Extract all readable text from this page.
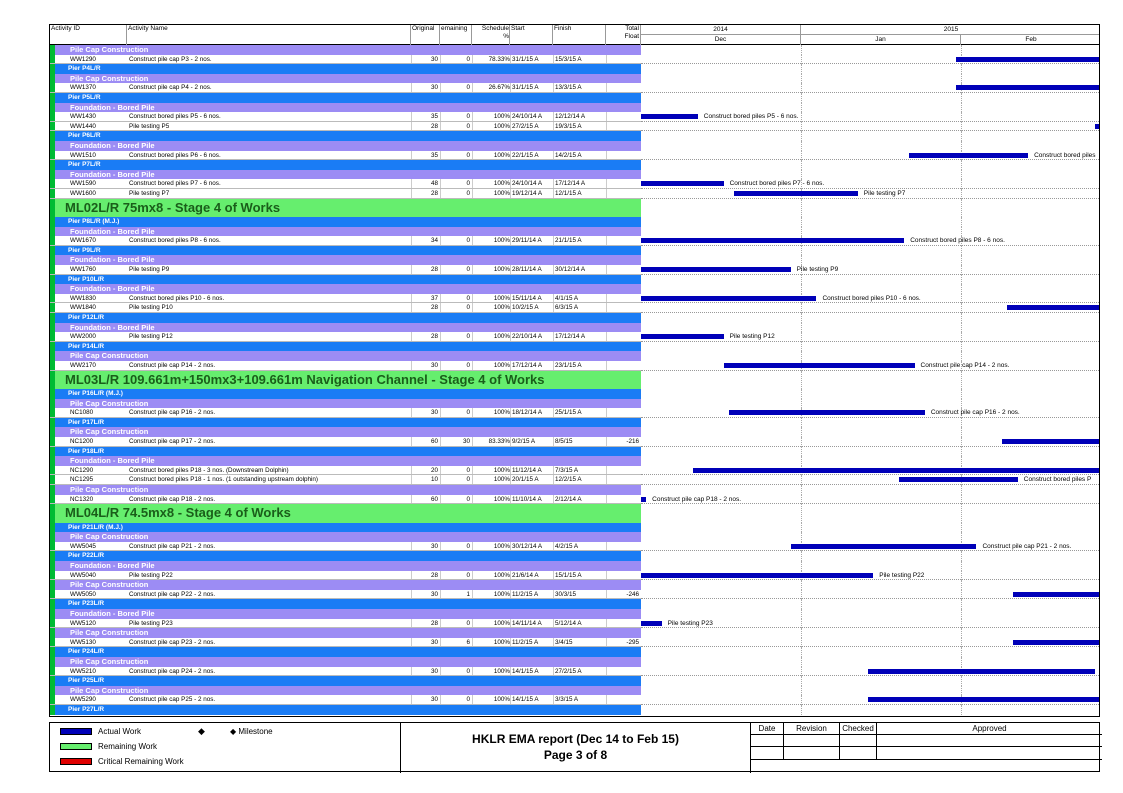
Activity ID	Activity Name	Original	emaining	Schedule
%
Start	Finish	Total
Float
2014	2015
Dec	Jan	Feb
Pile Cap Construction
WW1290	Construct pile cap P3 - 2 nos.	30	0	78.33% 31/1/15 A	15/3/15 A
Pier P4L/R
Pile Cap Construction
WW1370	Construct pile cap P4 - 2 nos.	30	0	26.67% 31/1/15 A	13/3/15 A
Pier P5L/R
Foundation - Bored Pile
WW1430	Construct bored piles P5 - 6 nos.	35	0	100% 24/10/14 A	12/12/14 A	Construct bored piles P5 - 6 nos.
WW1440	Pile testing P5	28	0	100% 27/2/15 A	19/3/15 A
Pier P6L/R
Foundation - Bored Pile
WW1510	Construct bored piles P6 - 6 nos.	35	0	100% 22/1/15 A	14/2/15 A	Construct bored piles
Pier P7L/R
Foundation - Bored Pile
WW1590	Construct bored piles P7 - 6 nos.	48	0	100% 24/10/14 A	17/12/14 A	Construct bored piles P7 - 6 nos.
WW1600	Pile testing P7	28	0	100% 19/12/14 A	12/1/15 A	Pile testing P7
ML02L/R 75mx8 - Stage 4 of Works
Pier P8L/R (M.J.)
Foundation - Bored Pile
WW1670	Construct bored piles P8 - 6 nos.	34	0	100% 29/11/14 A	21/1/15 A	Construct bored piles P8 - 6 nos.
Pier P9L/R
Foundation - Bored Pile
WW1760	Pile testing P9	28	0	100% 28/11/14 A	30/12/14 A	Pile testing P9
Pier P10L/R
Foundation - Bored Pile
WW1830	Construct bored piles P10 - 6 nos.	37	0	100% 15/11/14 A	4/1/15 A	Construct bored piles P10 - 6 nos.
WW1840	Pile testing P10	28	0	100% 10/2/15 A	6/3/15 A
Pier P12L/R
Foundation - Bored Pile
WW2000	Pile testing P12	28	0	100% 22/10/14 A	17/12/14 A	Pile testing P12
Pier P14L/R
Pile Cap Construction
WW2170	Construct pile cap P14 - 2 nos.	30	0	100% 17/12/14 A	23/1/15 A	Construct pile cap P14 - 2 nos.
ML03L/R 109.661m+150mx3+109.661m Navigation Channel - Stage 4 of Works
Pier P16L/R (M.J.)
Pile Cap Construction
NC1080	Construct pile cap P16 - 2 nos.	30	0	100% 18/12/14 A	25/1/15 A	Construct pile cap P16 - 2 nos.
Pier P17L/R
Pile Cap Construction
NC1200	Construct pile cap P17 - 2 nos.	60	30	83.33% 9/2/15 A	8/5/15	-216
Pier P18L/R
Foundation - Bored Pile
NC1290	Construct bored piles P18 - 3 nos. (Downstream Dolphin)	20	0	100% 11/12/14 A	7/3/15 A
NC1295	Construct bored piles P18 - 1 nos. (1 outstanding upstream dolphin)	10	0	100% 20/1/15 A	12/2/15 A	Construct bored piles P
Pile Cap Construction
NC1320	Construct pile cap P18 - 2 nos.	60	0	100% 11/10/14 A	2/12/14 A	Construct pile cap P18 - 2 nos.
ML04L/R 74.5mx8 - Stage 4 of Works
Pier P21L/R (M.J.)
Pile Cap Construction
WW5045	Construct pile cap P21 - 2 nos.	30	0	100% 30/12/14 A	4/2/15 A	Construct pile cap P21 - 2 nos.
Pier P22L/R
Foundation - Bored Pile
WW5040	Pile testing P22	28	0	100% 21/6/14 A	15/1/15 A	Pile testing P22
Pile Cap Construction
WW5050	Construct pile cap P22 - 2 nos.	30	1	100% 11/2/15 A	30/3/15	-246
Pier P23L/R
Foundation - Bored Pile
WW5120	Pile testing P23	28	0	100% 14/11/14 A	5/12/14 A	Pile testing P23
Pile Cap Construction
WW5130	Construct pile cap P23 - 2 nos.	30	6	100% 11/2/15 A	3/4/15	-295
Pier P24L/R
Pile Cap Construction
WW5210	Construct pile cap P24 - 2 nos.	30	0	100% 14/1/15 A	27/2/15 A
Pier P25L/R
Pile Cap Construction
WW5290	Construct pile cap P25 - 2 nos.	30	0	100% 14/1/15 A	3/3/15 A
Pier P27L/R
Actual Work	◆	◆ Milestone
Remaining Work
Critical Remaining Work
HKLR EMA report (Dec 14 to Feb 15)
Page 3 of 8
Date	Revision	Checked	Approved
